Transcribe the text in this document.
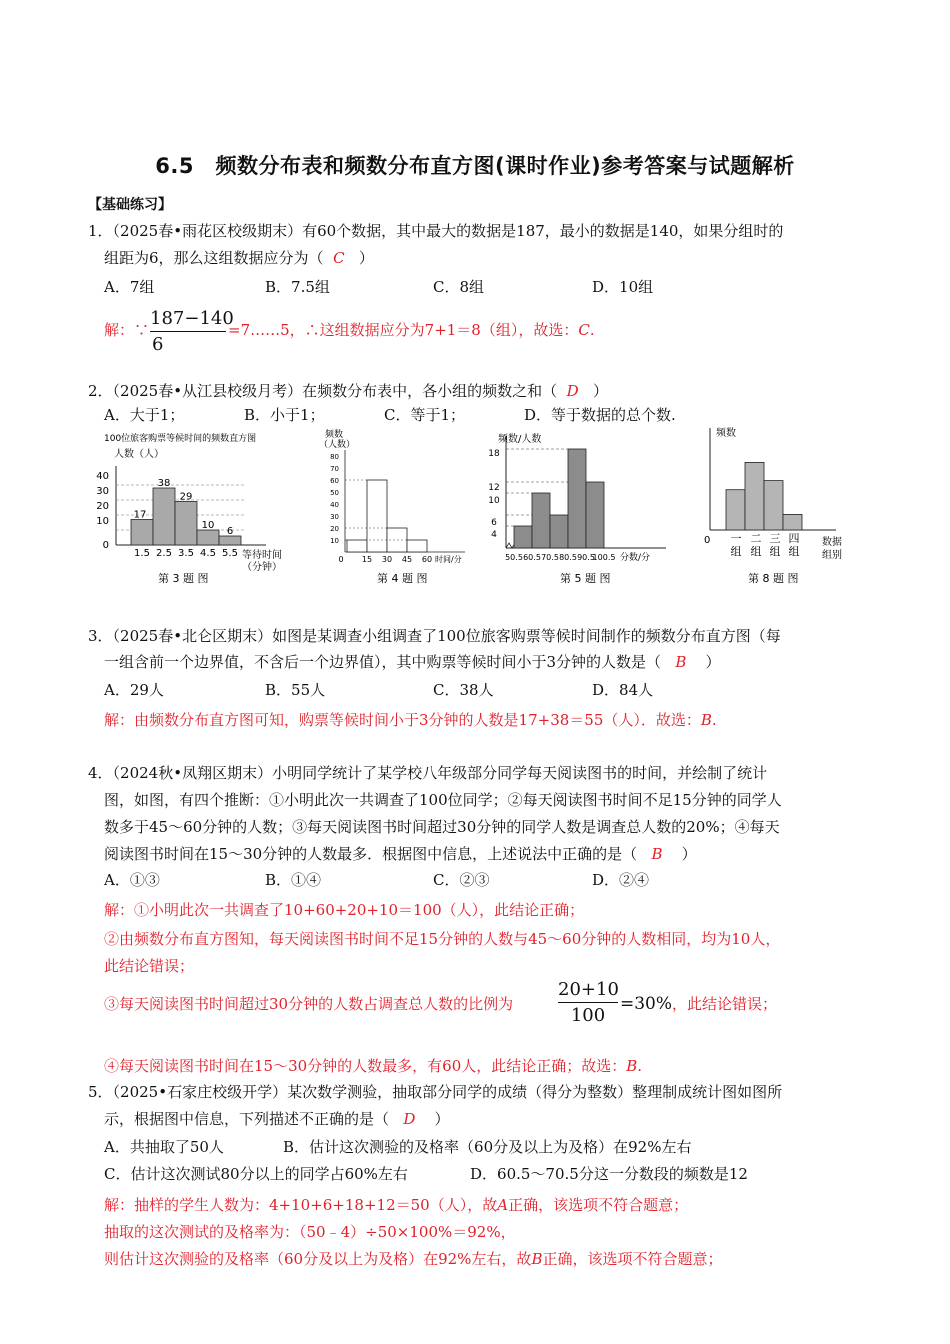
6.5　频数分布表和频数分布直方图(课时作业)参考答案与试题解析
【基础练习】
1．（2025春•雨花区校级期末）有60个数据，其中最大的数据是187，最小的数据是140，如果分组时的
组距为6，那么这组数据应分为（ C ）
A．7组	B．7.5组	C．8组	D．10组
解：∵
187−140
6
=7……5，∴这组数据应分为7+1＝8（组），故选：C.
2．（2025春•从江县校级月考）在频数分布表中，各小组的频数之和（ D ）
A．大于1；	B．小于1；	C．等于1；	D．等于数据的总个数.
100位旅客购票等候时间的频数直方图
人数（人）
17
38
29
10
6
0
10
20
30
40
1.5 2.5 3.5 4.5 5.5 等待时间
（分钟）
第 3 题 图
频数
（人数）
10
20
30
40
50
60
70
80
0 15 30 45 60 时间/分
第 4 题 图
频数/人数
18
12
10
6
4
50.5 60.5 70.5 80.5 90.5
100.5 分数/分
第 5 题 图
频数
0 一 二 三 四
组 组 组 组
数据
组别
第 8 题 图
3．（2025春•北仑区期末）如图是某调查小组调查了100位旅客购票等候时间制作的频数分布直方图（每
一组含前一个边界值，不含后一个边界值），其中购票等候时间小于3分钟的人数是（ B ）
A．29人	B．55人	C．38人	D．84人
解：由频数分布直方图可知，购票等候时间小于3分钟的人数是17+38＝55（人）．故选：B.
4．（2024秋•凤翔区期末）小明同学统计了某学校八年级部分同学每天阅读图书的时间，并绘制了统计
图，如图，有四个推断：①小明此次一共调查了100位同学；②每天阅读图书时间不足15分钟的同学人
数多于45～60分钟的人数；③每天阅读图书时间超过30分钟的同学人数是调查总人数的20%；④每天
阅读图书时间在15～30分钟的人数最多．根据图中信息，上述说法中正确的是（ B ）
A．①③	B．①④	C．②③	D．②④
解：①小明此次一共调查了10+60+20+10＝100（人），此结论正确；
②由频数分布直方图知，每天阅读图书时间不足15分钟的人数与45～60分钟的人数相同，均为10人，
此结论错误；
③每天阅读图书时间超过30分钟的人数占调查总人数的比例为
20+10
100
=30% ，此结论错误；
④每天阅读图书时间在15～30分钟的人数最多，有60人，此结论正确；故选：B.
5．（2025•石家庄校级开学）某次数学测验，抽取部分同学的成绩（得分为整数）整理制成统计图如图所
示，根据图中信息，下列描述不正确的是（ D ）
A．共抽取了50人	B．估计这次测验的及格率（60分及以上为及格）在92%左右
C．估计这次测试80分以上的同学占60%左右	D．60.5～70.5分这一分数段的频数是12
解：抽样的学生人数为：4+10+6+18+12＝50（人），故A正确，该选项不符合题意；
抽取的这次测试的及格率为：（50﹣4）÷50×100%＝92%，
则估计这次测验的及格率（60分及以上为及格）在92%左右，故B正确，该选项不符合题意；
